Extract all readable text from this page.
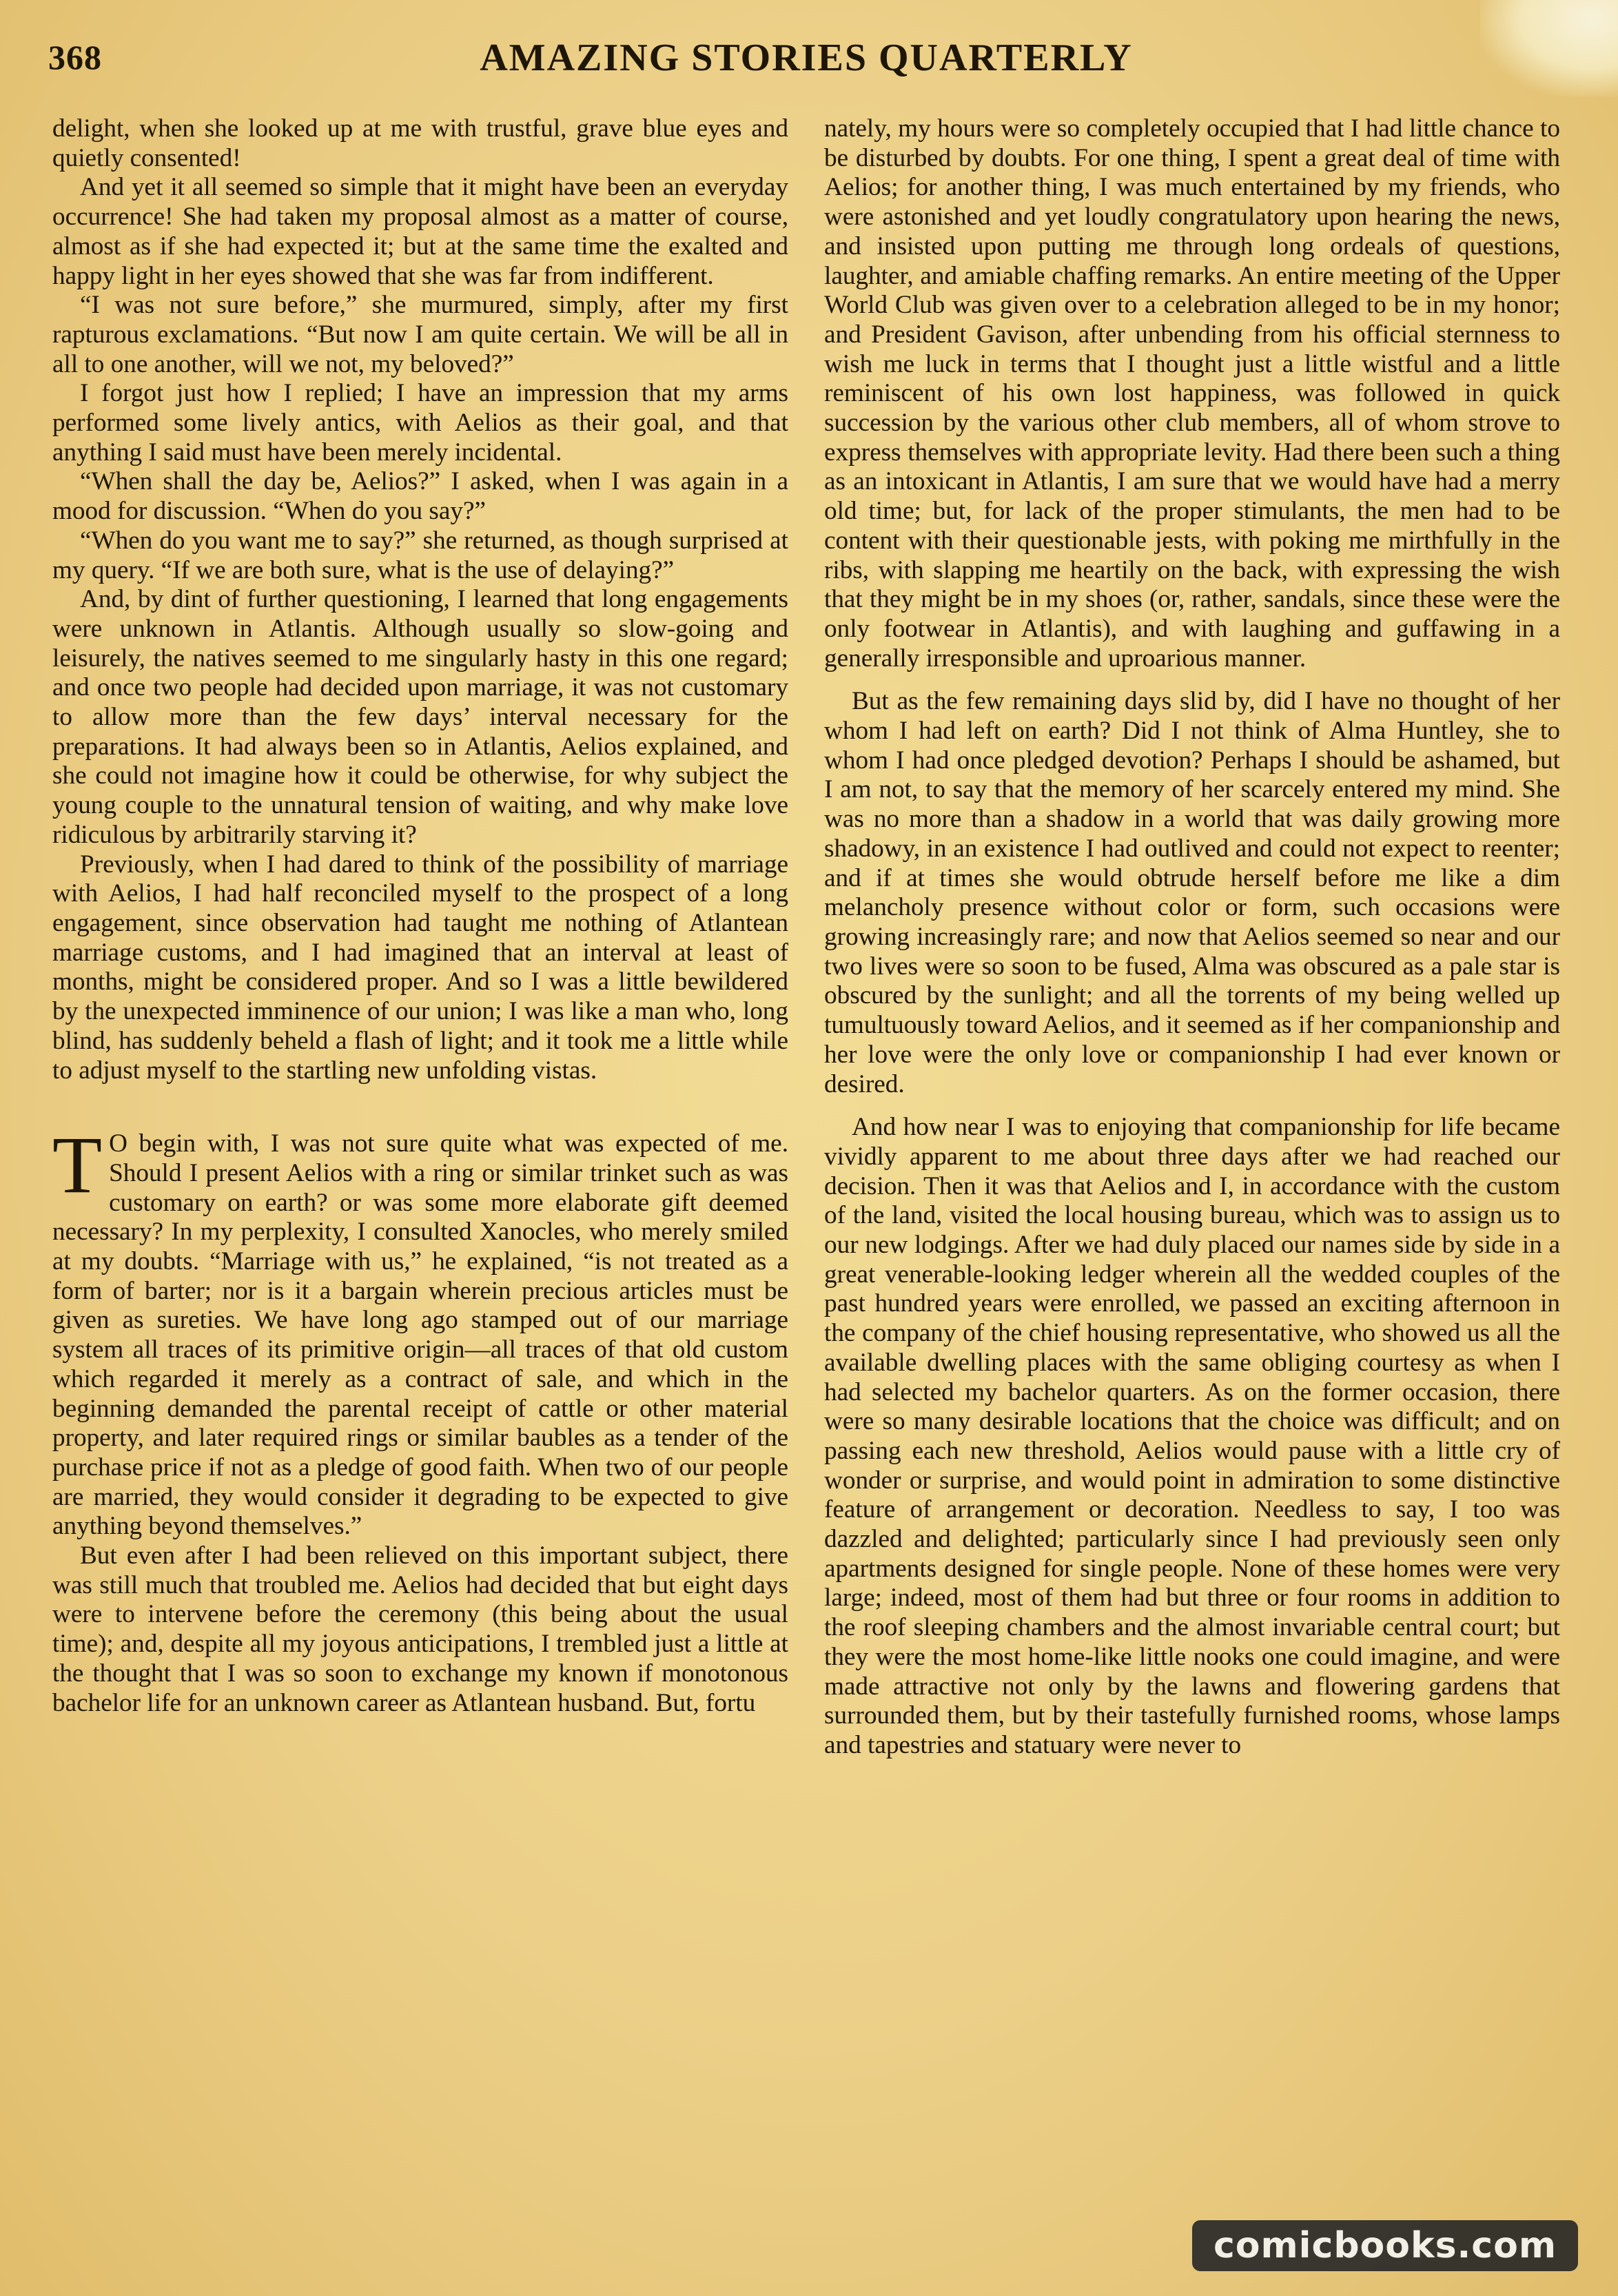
368	AMAZING STORIES QUARTERLY

delight, when she looked up at me with trustful, grave blue eyes and quietly consented!

And yet it all seemed so simple that it might have been an everyday occurrence! She had taken my proposal almost as a matter of course, almost as if she had expected it; but at the same time the exalted and happy light in her eyes showed that she was far from indifferent.

“I was not sure before,” she murmured, simply, after my first rapturous exclamations. “But now I am quite certain. We will be all in all to one another, will we not, my beloved?”

I forgot just how I replied; I have an impression that my arms performed some lively antics, with Aelios as their goal, and that anything I said must have been merely incidental.

“When shall the day be, Aelios?” I asked, when I was again in a mood for discussion. “When do you say?”

“When do you want me to say?” she returned, as though surprised at my query. “If we are both sure, what is the use of delaying?”

And, by dint of further questioning, I learned that long engagements were unknown in Atlantis. Although usually so slow-going and leisurely, the natives seemed to me singularly hasty in this one regard; and once two people had decided upon marriage, it was not customary to allow more than the few days’ interval necessary for the preparations. It had always been so in Atlantis, Aelios explained, and she could not imagine how it could be otherwise, for why subject the young couple to the unnatural tension of waiting, and why make love ridiculous by arbitrarily starving it?

Previously, when I had dared to think of the possibility of marriage with Aelios, I had half reconciled myself to the prospect of a long engagement, since observation had taught me nothing of Atlantean marriage customs, and I had imagined that an interval at least of months, might be considered proper. And so I was a little bewildered by the unexpected imminence of our union; I was like a man who, long blind, has suddenly beheld a flash of light; and it took me a little while to adjust myself to the startling new unfolding vistas.

T O begin with, I was not sure quite what was expected of me. Should I present Aelios with a ring or similar trinket such as was customary on earth? or was some more elaborate gift deemed necessary? In my perplexity, I consulted Xanocles, who merely smiled at my doubts. “Marriage with us,” he explained, “is not treated as a form of barter; nor is it a bargain wherein precious articles must be given as sureties. We have long ago stamped out of our marriage system all traces of its primitive origin—all traces of that old custom which regarded it merely as a contract of sale, and which in the beginning demanded the parental receipt of cattle or other material property, and later required rings or similar baubles as a tender of the purchase price if not as a pledge of good faith. When two of our people are married, they would consider it degrading to be expected to give anything beyond themselves.”

But even after I had been relieved on this important subject, there was still much that troubled me. Aelios had decided that but eight days were to intervene before the ceremony (this being about the usual time); and, despite all my joyous anticipations, I trembled just a little at the thought that I was so soon to exchange my known if monotonous bachelor life for an unknown career as Atlantean husband. But, fortu

nately, my hours were so completely occupied that I had little chance to be disturbed by doubts. For one thing, I spent a great deal of time with Aelios; for another thing, I was much entertained by my friends, who were astonished and yet loudly congratulatory upon hearing the news, and insisted upon putting me through long ordeals of questions, laughter, and amiable chaffing remarks. An entire meeting of the Upper World Club was given over to a celebration alleged to be in my honor; and President Gavison, after unbending from his official sternness to wish me luck in terms that I thought just a little wistful and a little reminiscent of his own lost happiness, was followed in quick succession by the various other club members, all of whom strove to express themselves with appropriate levity. Had there been such a thing as an intoxicant in Atlantis, I am sure that we would have had a merry old time; but, for lack of the proper stimulants, the men had to be content with their questionable jests, with poking me mirthfully in the ribs, with slapping me heartily on the back, with expressing the wish that they might be in my shoes (or, rather, sandals, since these were the only footwear in Atlantis), and with laughing and guffawing in a generally irresponsible and uproarious manner.

But as the few remaining days slid by, did I have no thought of her whom I had left on earth? Did I not think of Alma Huntley, she to whom I had once pledged devotion? Perhaps I should be ashamed, but I am not, to say that the memory of her scarcely entered my mind. She was no more than a shadow in a world that was daily growing more shadowy, in an existence I had outlived and could not expect to reenter; and if at times she would obtrude herself before me like a dim melancholy presence without color or form, such occasions were growing increasingly rare; and now that Aelios seemed so near and our two lives were so soon to be fused, Alma was obscured as a pale star is obscured by the sunlight; and all the torrents of my being welled up tumultuously toward Aelios, and it seemed as if her companionship and her love were the only love or companionship I had ever known or desired.

And how near I was to enjoying that companionship for life became vividly apparent to me about three days after we had reached our decision. Then it was that Aelios and I, in accordance with the custom of the land, visited the local housing bureau, which was to assign us to our new lodgings. After we had duly placed our names side by side in a great venerable-looking ledger wherein all the wedded couples of the past hundred years were enrolled, we passed an exciting afternoon in the company of the chief housing representative, who showed us all the available dwelling places with the same obliging courtesy as when I had selected my bachelor quarters. As on the former occasion, there were so many desirable locations that the choice was difficult; and on passing each new threshold, Aelios would pause with a little cry of wonder or surprise, and would point in admiration to some distinctive feature of arrangement or decoration. Needless to say, I too was dazzled and delighted; particularly since I had previously seen only apartments designed for single people. None of these homes were very large; indeed, most of them had but three or four rooms in addition to the roof sleeping chambers and the almost invariable central court; but they were the most home-like little nooks one could imagine, and were made attractive not only by the lawns and flowering gardens that surrounded them, but by their tastefully furnished rooms, whose lamps and tapestries and statuary were never to

comicbooks.com
